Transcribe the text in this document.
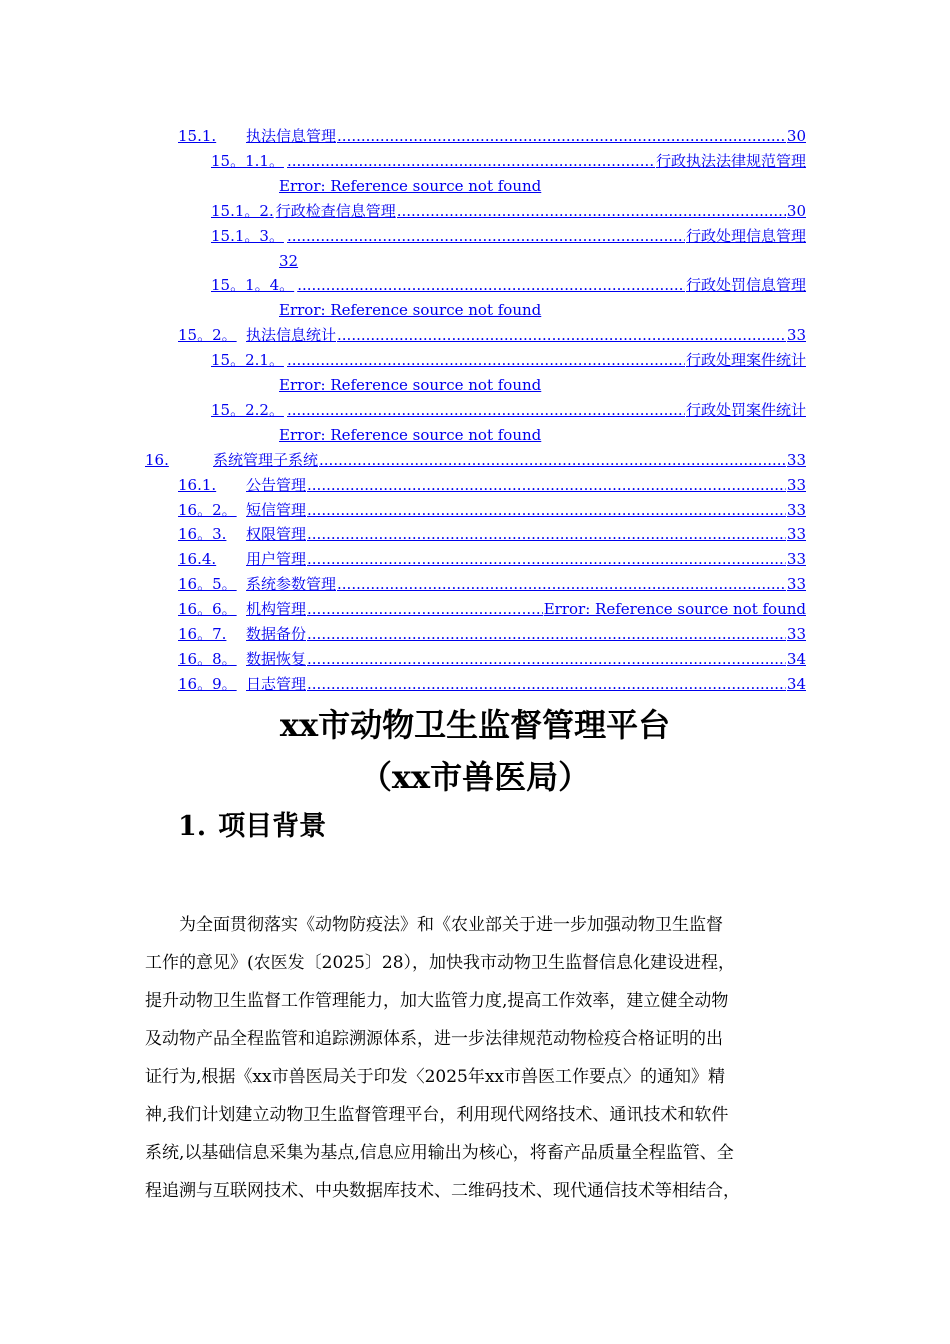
15.1.	执法信息管理 .....	30
15。1.1。 .....	行政执法法律规范管理
Error: Reference source not found
15.1。2. 行政检查信息管理 .....	30
15.1。3。 .....	行政处理信息管理
32
15。1。4。 .....	行政处罚信息管理
Error: Reference source not found
15。2。 执法信息统计 .....	33
15。2.1。 .....	行政处理案件统计
Error: Reference source not found
15。2.2。 .....	行政处罚案件统计
Error: Reference source not found
16.	系统管理子系统 .....	33
16.1.	公告管理 .....	33
16。2。 短信管理 .....	33
16。3.	权限管理 .....	33
16.4.	用户管理 .....	33
16。5。 系统参数管理 .....	33
16。6。 机构管理 .....	Error: Reference source not found
16。7.	数据备份 .....	33
16。8。 数据恢复 .....	34
16。9。 日志管理 .....	34
xx市动物卫生监督管理平台
（xx市兽医局）
1. 项目背景
为全面贯彻落实《动物防疫法》和《农业部关于进一步加强动物卫生监督
工作的意见》(农医发〔2025〕28），加快我市动物卫生监督信息化建设进程，
提升动物卫生监督工作管理能力，加大监管力度,提高工作效率，建立健全动物
及动物产品全程监管和追踪溯源体系，进一步法律规范动物检疫合格证明的出
证行为,根据《xx市兽医局关于印发〈2025年xx市兽医工作要点〉的通知》精
神,我们计划建立动物卫生监督管理平台，利用现代网络技术、通讯技术和软件
系统,以基础信息采集为基点,信息应用输出为核心，将畜产品质量全程监管、全
程追溯与互联网技术、中央数据库技术、二维码技术、现代通信技术等相结合，
